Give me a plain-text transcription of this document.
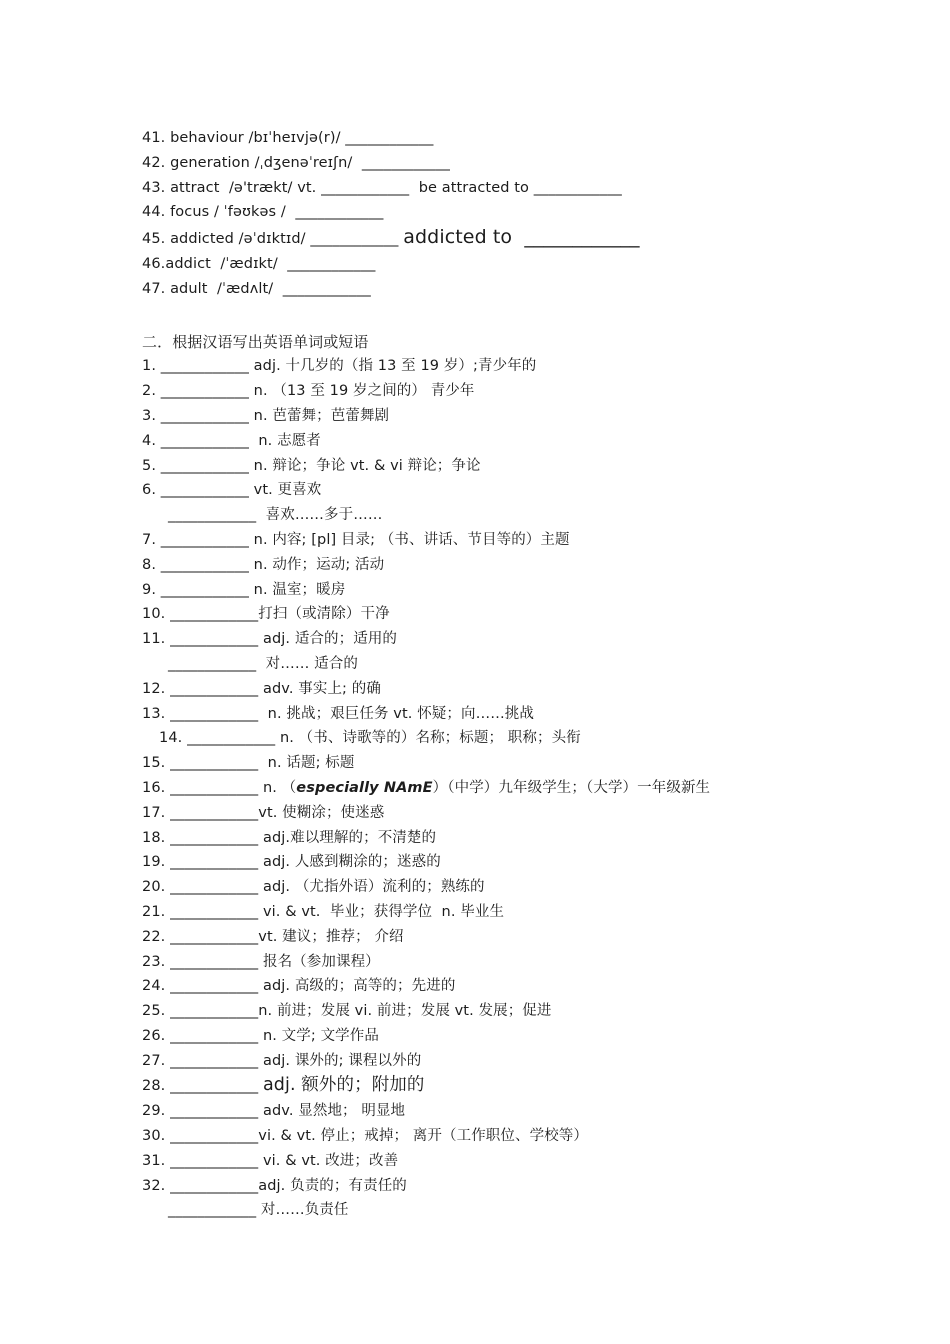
41. behaviour /bɪˈheɪvjə(r)/ ____________
42. generation /ˌdʒenəˈreɪʃn/  ____________
43. attract  /ə'trækt/ vt. ____________  be attracted to ____________
44. focus / ˈfəʊkəs /  ____________
45. addicted /əˈdɪktɪd/ ____________ addicted to  ____________
46.addict  /ˈædɪkt/  ____________
47. adult  /ˈædʌlt/  ____________
二．根据汉语写出英语单词或短语
1. ____________ adj. 十几岁的（指 13 至 19 岁）;青少年的
2. ____________ n. （13 至 19 岁之间的） 青少年
3. ____________ n. 芭蕾舞；芭蕾舞剧
4. ____________  n. 志愿者
5. ____________ n. 辩论；争论 vt. & vi 辩论；争论
6. ____________ vt. 更喜欢
____________  喜欢……多于……
7. ____________ n. 内容; [pl] 目录; （书、讲话、节目等的）主题
8. ____________ n. 动作；运动; 活动
9. ____________ n. 温室；暖房
10. ____________打扫（或清除）干净
11. ____________ adj. 适合的；适用的
____________  对…… 适合的
12. ____________ adv. 事实上; 的确
13. ____________  n. 挑战；艰巨任务 vt. 怀疑；向……挑战
14. ____________ n. （书、诗歌等的）名称；标题； 职称；头衔
15. ____________  n. 话题; 标题
16. ____________ n. （especially NAmE）（中学）九年级学生；（大学）一年级新生
17. ____________vt. 使糊涂；使迷惑
18. ____________ adj.难以理解的；不清楚的
19. ____________ adj. 人感到糊涂的；迷惑的
20. ____________ adj. （尤指外语）流利的；熟练的
21. ____________ vi. & vt.  毕业；获得学位  n. 毕业生
22. ____________vt. 建议；推荐； 介绍
23. ____________ 报名（参加课程）
24. ____________ adj. 高级的；高等的；先进的
25. ____________n. 前进；发展 vi. 前进；发展 vt. 发展；促进
26. ____________ n. 文学; 文学作品
27. ____________ adj. 课外的; 课程以外的
28. ____________ adj. 额外的；附加的
29. ____________ adv. 显然地； 明显地
30. ____________vi. & vt. 停止；戒掉； 离开（工作职位、学校等）
31. ____________ vi. & vt. 改进；改善
32. ____________adj. 负责的；有责任的
____________ 对……负责任
